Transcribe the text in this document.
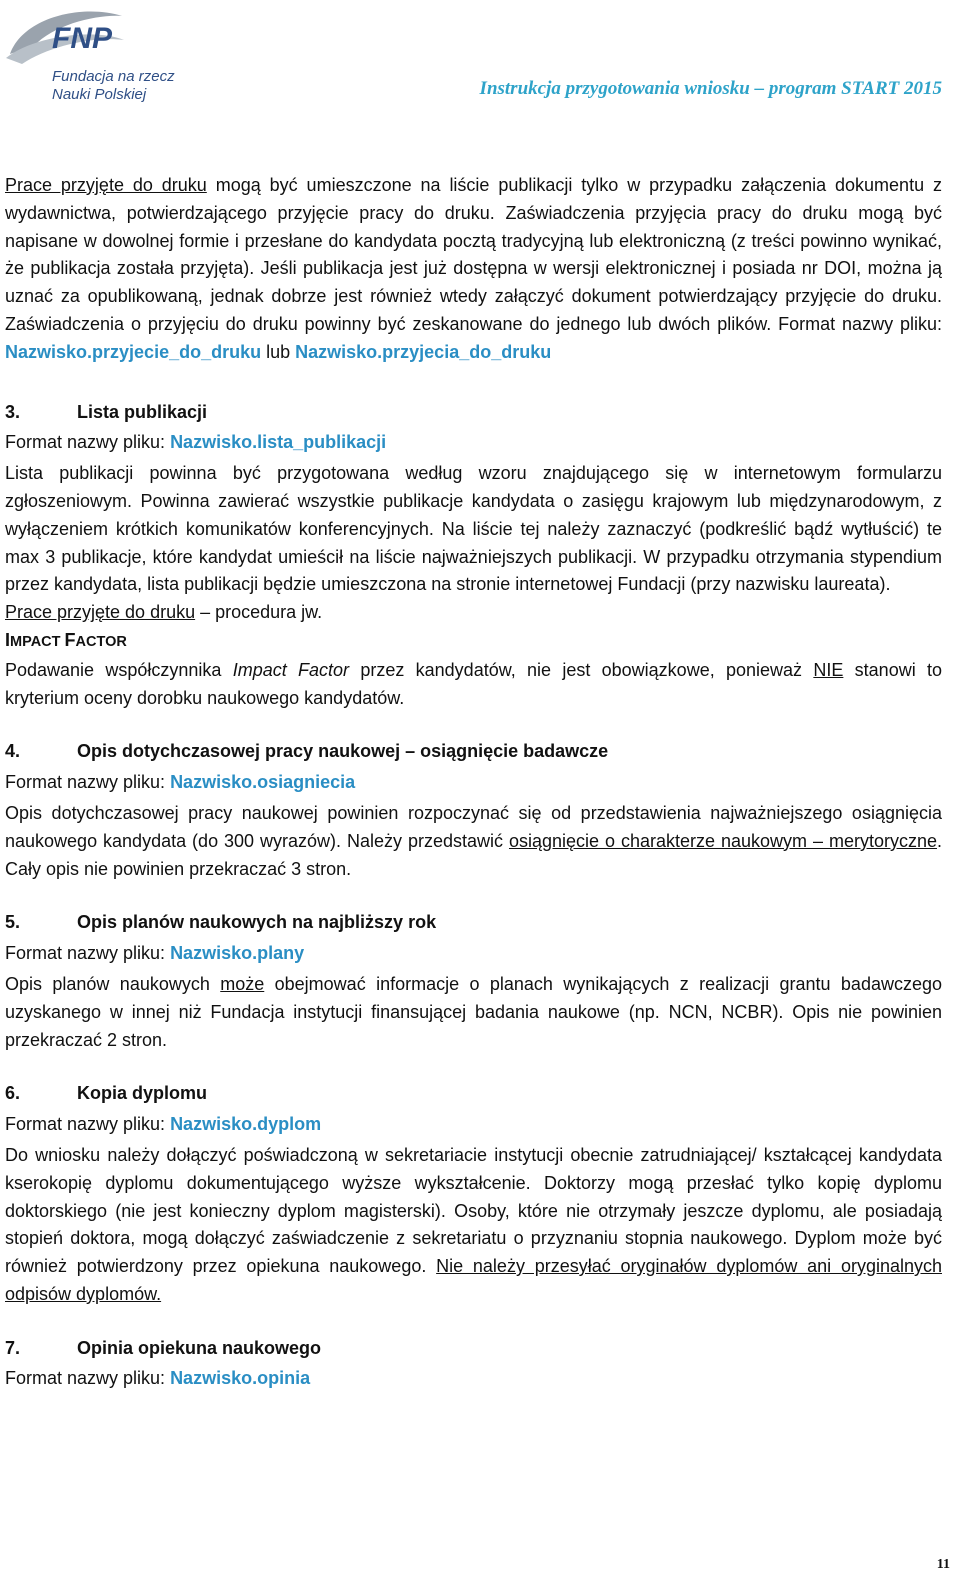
FNP
Fundacja na rzecz
Nauki Polskiej	Instrukcja przygotowania wniosku – program START 2015

Prace przyjęte do druku mogą być umieszczone na liście publikacji tylko w przypadku załączenia dokumentu z wydawnictwa, potwierdzającego przyjęcie pracy do druku. Zaświadczenia przyjęcia pracy do druku mogą być napisane w dowolnej formie i przesłane do kandydata pocztą tradycyjną lub elektroniczną (z treści powinno wynikać, że publikacja została przyjęta). Jeśli publikacja jest już dostępna w wersji elektronicznej i posiada nr DOI, można ją uznać za opublikowaną, jednak dobrze jest również wtedy załączyć dokument potwierdzający przyjęcie do druku. Zaświadczenia o przyjęciu do druku powinny być zeskanowane do jednego lub dwóch plików. Format nazwy pliku: Nazwisko.przyjecie_do_druku lub Nazwisko.przyjecia_do_druku

3.	Lista publikacji
Format nazwy pliku: Nazwisko.lista_publikacji

Lista publikacji powinna być przygotowana według wzoru znajdującego się w internetowym formularzu zgłoszeniowym. Powinna zawierać wszystkie publikacje kandydata o zasięgu krajowym lub międzynarodowym, z wyłączeniem krótkich komunikatów konferencyjnych. Na liście tej należy zaznaczyć (podkreślić bądź wytłuścić) te max 3 publikacje, które kandydat umieścił na liście najważniejszych publikacji. W przypadku otrzymania stypendium przez kandydata, lista publikacji będzie umieszczona na stronie internetowej Fundacji (przy nazwisku laureata).

Prace przyjęte do druku – procedura jw.

IMPACT FACTOR

Podawanie współczynnika Impact Factor przez kandydatów, nie jest obowiązkowe, ponieważ NIE stanowi to kryterium oceny dorobku naukowego kandydatów.

4.	Opis dotychczasowej pracy naukowej – osiągnięcie badawcze
Format nazwy pliku: Nazwisko.osiagniecia

Opis dotychczasowej pracy naukowej powinien rozpoczynać się od przedstawienia najważniejszego osiągnięcia naukowego kandydata (do 300 wyrazów). Należy przedstawić osiągnięcie o charakterze naukowym – merytoryczne. Cały opis nie powinien przekraczać 3 stron.

5.	Opis planów naukowych na najbliższy rok
Format nazwy pliku: Nazwisko.plany

Opis planów naukowych może obejmować informacje o planach wynikających z realizacji grantu badawczego uzyskanego w innej niż Fundacja instytucji finansującej badania naukowe (np. NCN, NCBR). Opis nie powinien przekraczać 2 stron.

6.	Kopia dyplomu
Format nazwy pliku: Nazwisko.dyplom

Do wniosku należy dołączyć poświadczoną w sekretariacie instytucji obecnie zatrudniającej/ kształcącej kandydata kserokopię dyplomu dokumentującego wyższe wykształcenie. Doktorzy mogą przesłać tylko kopię dyplomu doktorskiego (nie jest konieczny dyplom magisterski). Osoby, które nie otrzymały jeszcze dyplomu, ale posiadają stopień doktora, mogą dołączyć zaświadczenie z sekretariatu o przyznaniu stopnia naukowego. Dyplom może być również potwierdzony przez opiekuna naukowego. Nie należy przesyłać oryginałów dyplomów ani oryginalnych odpisów dyplomów.

7.	Opinia opiekuna naukowego
Format nazwy pliku: Nazwisko.opinia
11
